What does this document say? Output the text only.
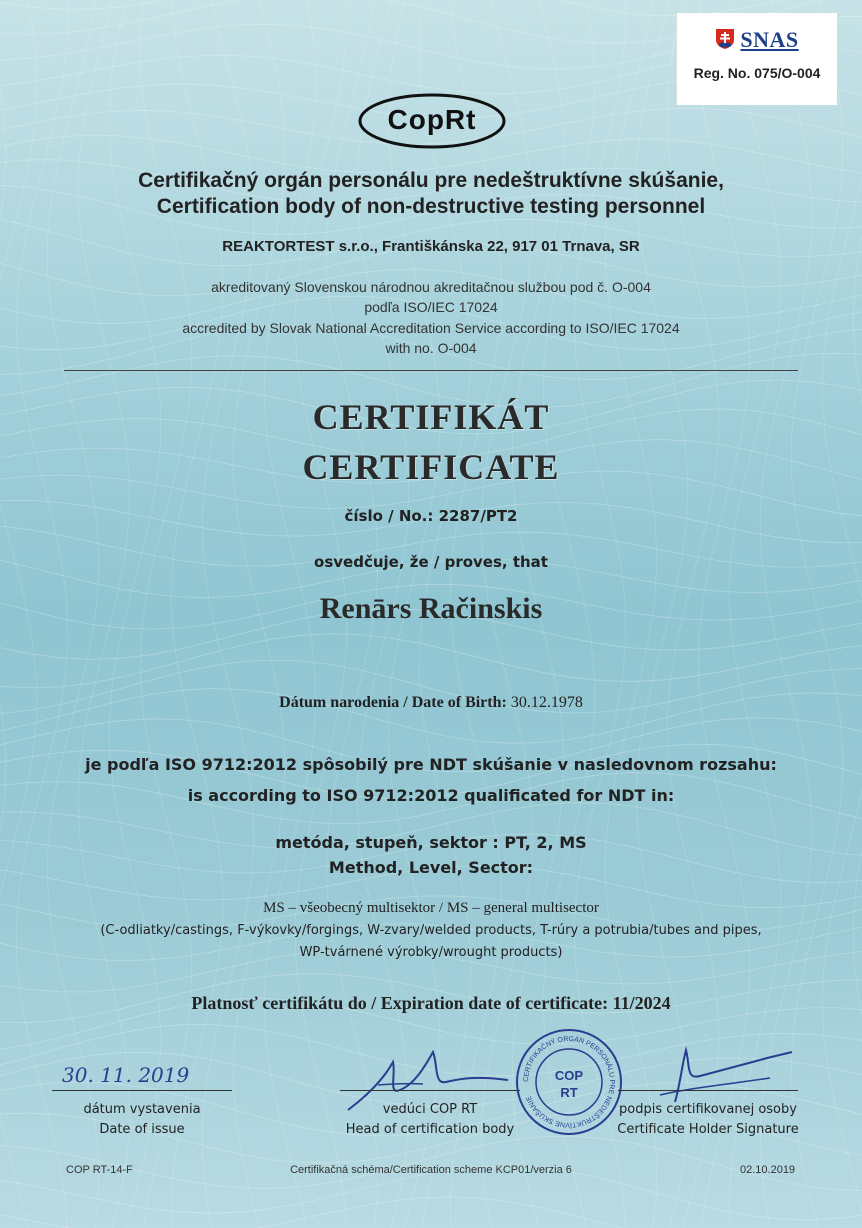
SNAS
Reg. No. 075/O-004
CopRt
Certifikačný orgán personálu pre nedeštruktívne skúšanie,
Certification body of non-destructive testing personnel
REAKTORTEST s.r.o., Františkánska 22, 917 01 Trnava, SR
akreditovaný Slovenskou národnou akreditačnou službou pod č. O-004
podľa ISO/IEC 17024
accredited by Slovak National Accreditation Service according to ISO/IEC 17024
with no. O-004
CERTIFIKÁT
CERTIFICATE
číslo / No.: 2287/PT2
osvedčuje, že / proves, that
Renārs Račinskis
Dátum narodenia / Date of Birth: 30.12.1978
je podľa ISO 9712:2012 spôsobilý pre NDT skúšanie v nasledovnom rozsahu:
is according to ISO 9712:2012 qualificated for NDT in:
metóda, stupeň, sektor : PT, 2, MS
Method, Level, Sector:
MS – všeobecný multisektor / MS – general multisector
(C-odliatky/castings, F-výkovky/forgings, W-zvary/welded products, T-rúry a potrubia/tubes and pipes,
WP-tvárnené výrobky/wrought products)
Platnosť certifikátu do / Expiration date of certificate: 11/2024
30. 11. 2019
dátum vystavenia
Date of issue
vedúci COP RT
Head of certification body
CERTIFIKAČNÝ ORGÁN PERSONÁLU PRE NEDEŠTRUKTÍVNE SKÚŠANIE
COP
RT
podpis certifikovanej osoby
Certificate Holder Signature
COP RT-14-F	Certifikačná schéma/Certification scheme KCP01/verzia 6	02.10.2019
